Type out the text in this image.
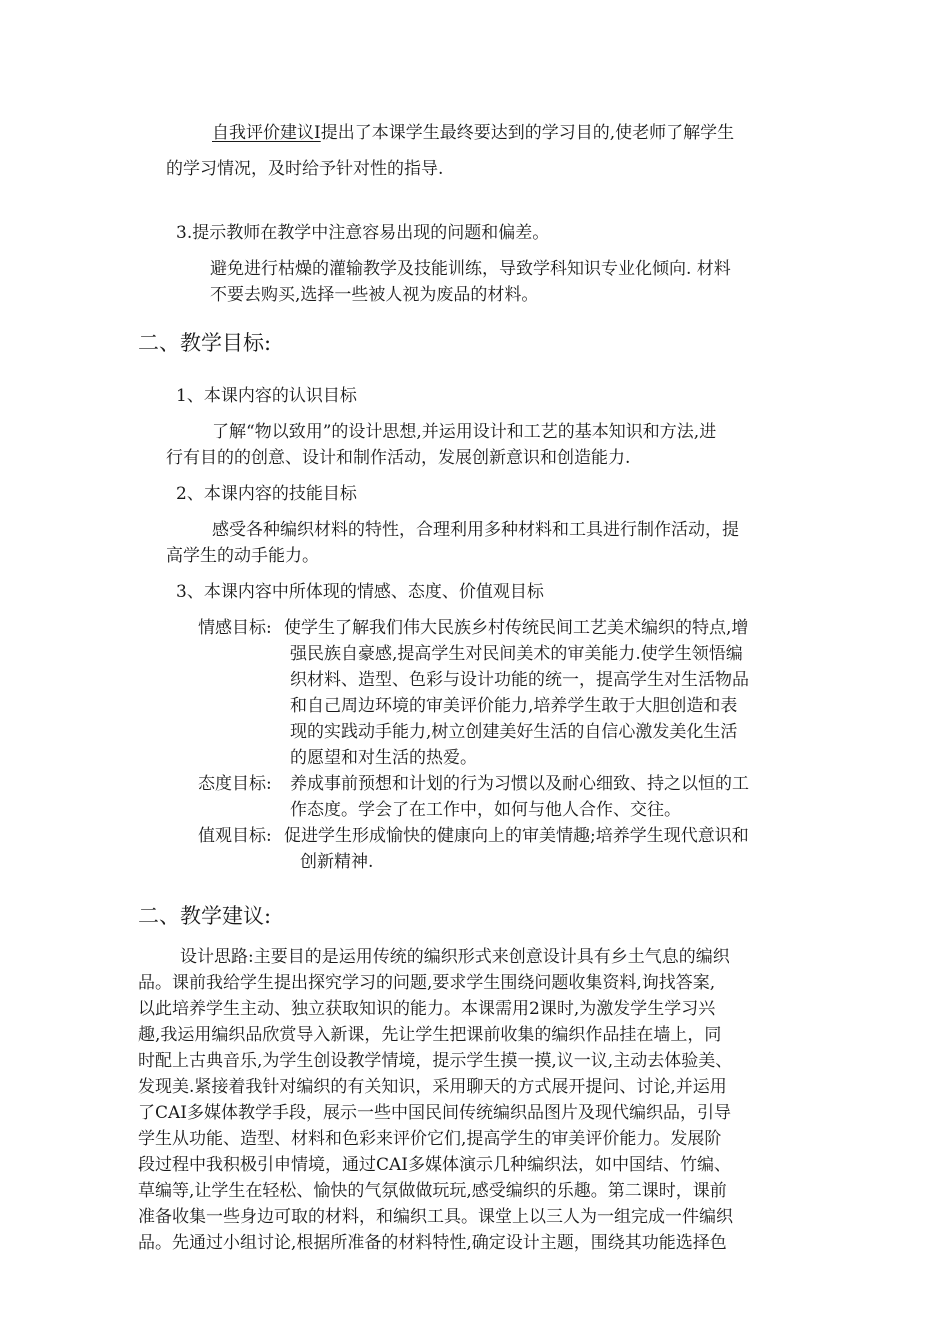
自我评价建议Ⅰ提出了本课学生最终要达到的学习目的,使老师了解学生
的学习情况，及时给予针对性的指导.
3.提示教师在教学中注意容易出现的问题和偏差。
避免进行枯燥的灌输教学及技能训练，导致学科知识专业化倾向. 材料
不要去购买,选择一些被人视为废品的材料。
二、教学目标:
1、本课内容的认识目标
了解“物以致用”的设计思想,并运用设计和工艺的基本知识和方法,进
行有目的的创意、设计和制作活动，发展创新意识和创造能力.
2、本课内容的技能目标
感受各种编织材料的特性，合理利用多种材料和工具进行制作活动，提
高学生的动手能力。
3、本课内容中所体现的情感、态度、价值观目标
情感目标: 使学生了解我们伟大民族乡村传统民间工艺美术编织的特点,增
强民族自豪感,提高学生对民间美术的审美能力.使学生领悟编
织材料、造型、色彩与设计功能的统一，提高学生对生活物品
和自己周边环境的审美评价能力,培养学生敢于大胆创造和表
现的实践动手能力,树立创建美好生活的自信心激发美化生活
的愿望和对生活的热爱。
态度目标: 养成事前预想和计划的行为习惯以及耐心细致、持之以恒的工
作态度。学会了在工作中，如何与他人合作、交往。
值观目标: 促进学生形成愉快的健康向上的审美情趣;培养学生现代意识和
创新精神.
二、教学建议:
设计思路:主要目的是运用传统的编织形式来创意设计具有乡土气息的编织
品。课前我给学生提出探究学习的问题,要求学生围绕问题收集资料,询找答案,
以此培养学生主动、独立获取知识的能力。本课需用2课时,为激发学生学习兴
趣,我运用编织品欣赏导入新课，先让学生把课前收集的编织作品挂在墙上，同
时配上古典音乐,为学生创设教学情境，提示学生摸一摸,议一议,主动去体验美、
发现美.紧接着我针对编织的有关知识，采用聊天的方式展开提问、讨论,并运用
了CAI多媒体教学手段，展示一些中国民间传统编织品图片及现代编织品，引导
学生从功能、造型、材料和色彩来评价它们,提高学生的审美评价能力。发展阶
段过程中我积极引申情境，通过CAI多媒体演示几种编织法，如中国结、竹编、
草编等,让学生在轻松、愉快的气氛做做玩玩,感受编织的乐趣。第二课时，课前
准备收集一些身边可取的材料，和编织工具。课堂上以三人为一组完成一件编织
品。先通过小组讨论,根据所准备的材料特性,确定设计主题，围绕其功能选择色
